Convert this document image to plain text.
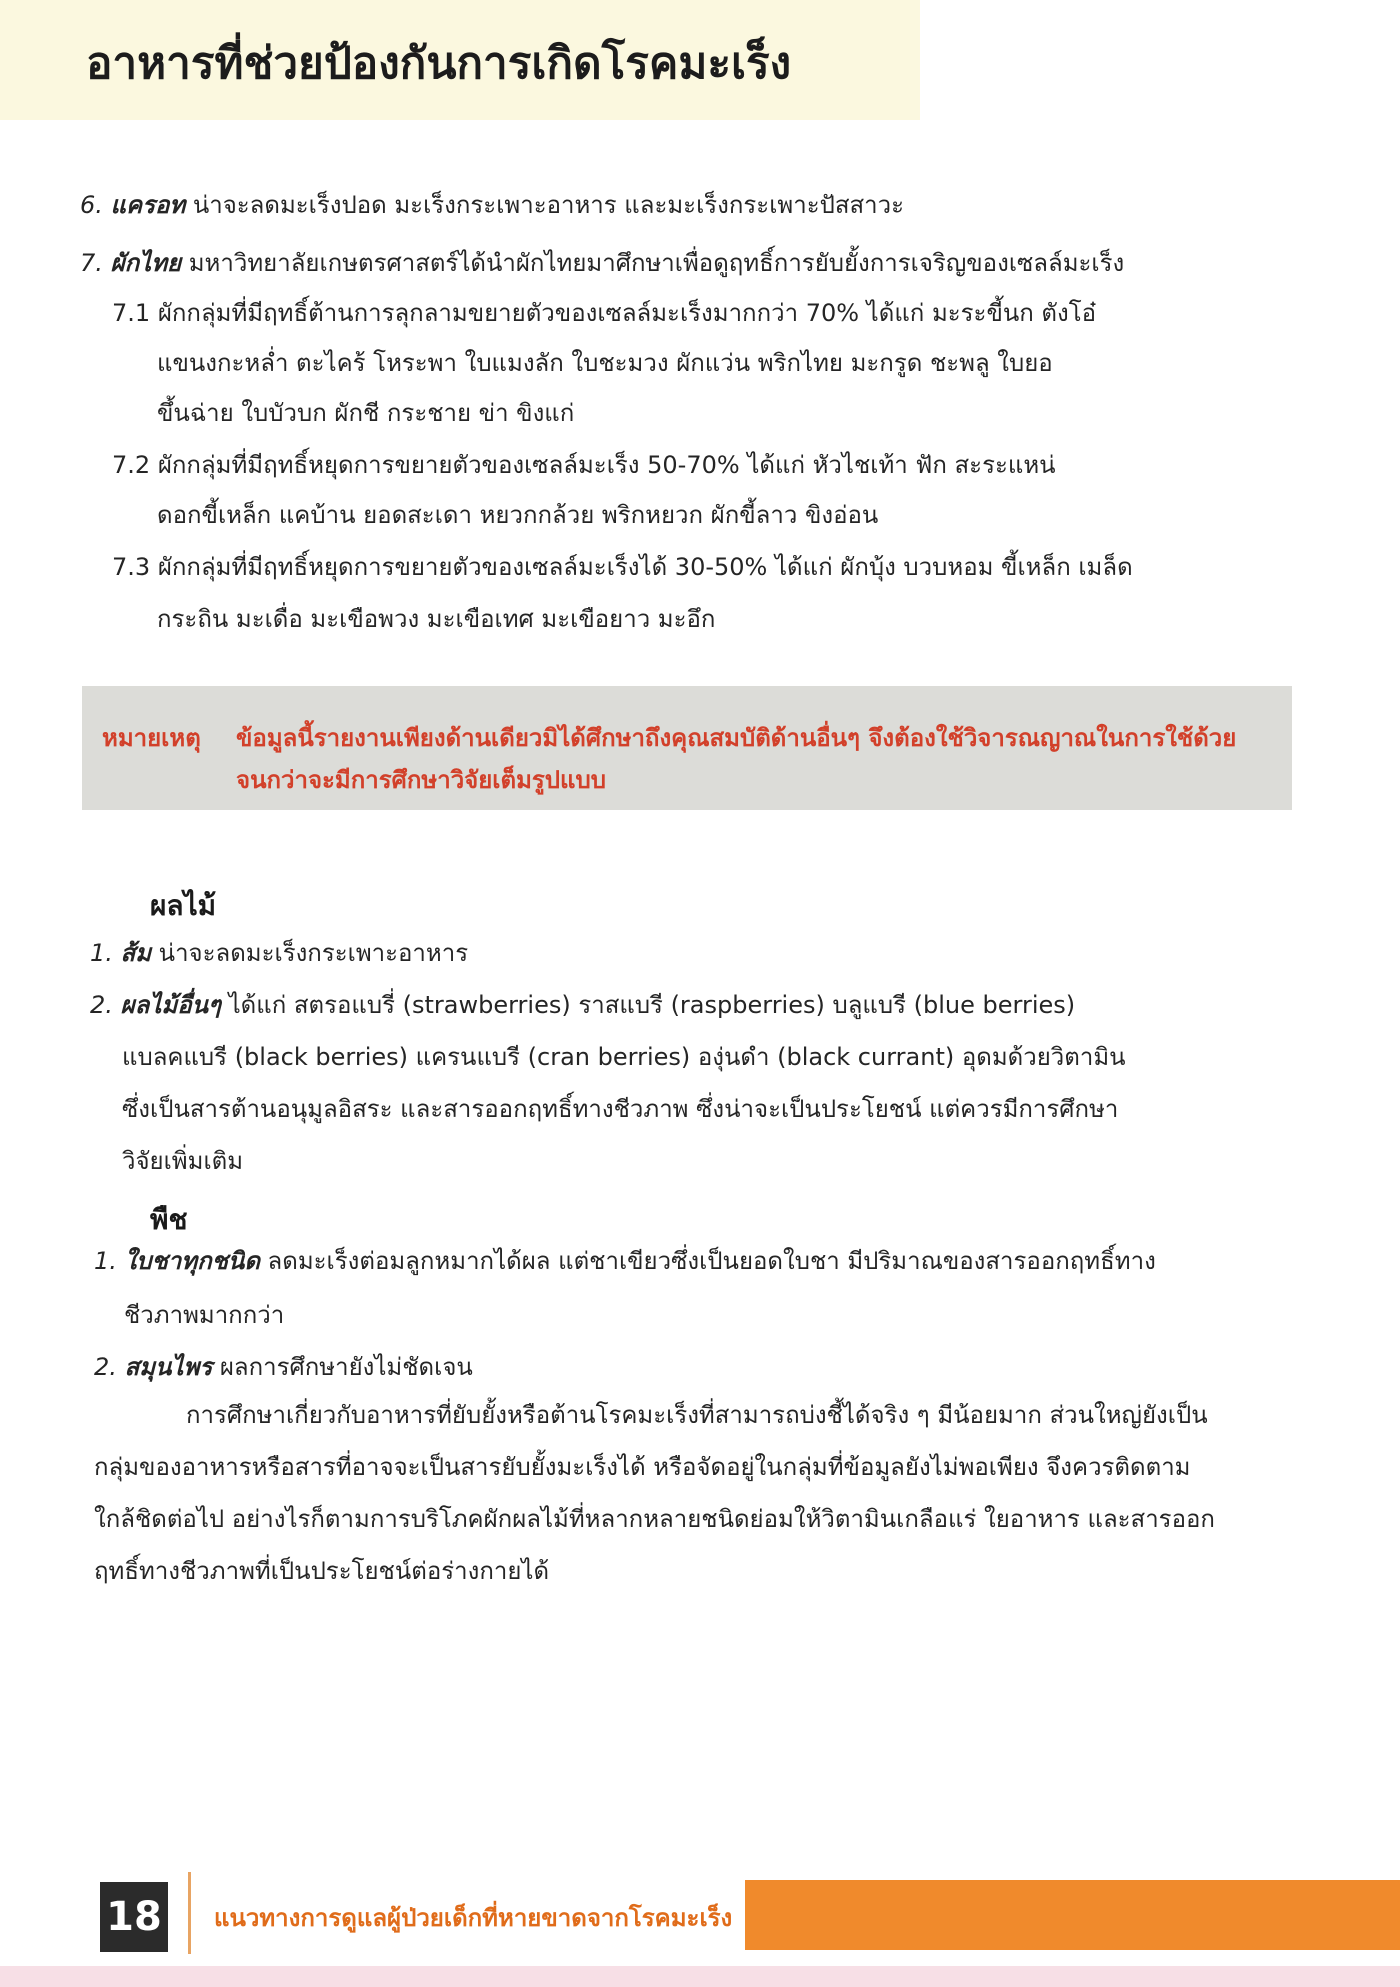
อาหารที่ช่วยป้องกันการเกิดโรคมะเร็ง
6. แครอท น่าจะลดมะเร็งปอด มะเร็งกระเพาะอาหาร และมะเร็งกระเพาะปัสสาวะ
7. ผักไทย มหาวิทยาลัยเกษตรศาสตร์ได้นำผักไทยมาศึกษาเพื่อดูฤทธิ์การยับยั้งการเจริญของเซลล์มะเร็ง
7.1 ผักกลุ่มที่มีฤทธิ์ต้านการลุกลามขยายตัวของเซลล์มะเร็งมากกว่า 70% ได้แก่ มะระขี้นก ตังโอ๋
แขนงกะหล่ำ ตะไคร้ โหระพา ใบแมงลัก ใบชะมวง ผักแว่น พริกไทย มะกรูด ชะพลู ใบยอ
ขึ้นฉ่าย ใบบัวบก ผักชี กระชาย ข่า ขิงแก่
7.2 ผักกลุ่มที่มีฤทธิ์หยุดการขยายตัวของเซลล์มะเร็ง 50-70% ได้แก่ หัวไชเท้า ฟัก สะระแหน่
ดอกขี้เหล็ก แคบ้าน ยอดสะเดา หยวกกล้วย พริกหยวก ผักขี้ลาว ขิงอ่อน
7.3 ผักกลุ่มที่มีฤทธิ์หยุดการขยายตัวของเซลล์มะเร็งได้ 30-50% ได้แก่ ผักบุ้ง บวบหอม ขี้เหล็ก เมล็ด
กระถิน มะเดื่อ มะเขือพวง มะเขือเทศ มะเขือยาว มะอึก
หมายเหตุ ข้อมูลนี้รายงานเพียงด้านเดียวมิได้ศึกษาถึงคุณสมบัติด้านอื่นๆ จึงต้องใช้วิจารณญาณในการใช้ด้วย
จนกว่าจะมีการศึกษาวิจัยเต็มรูปแบบ
ผลไม้
1. ส้ม น่าจะลดมะเร็งกระเพาะอาหาร
2. ผลไม้อื่นๆ ได้แก่ สตรอแบรี่ (strawberries) ราสแบรี (raspberries) บลูแบรี (blue berries)
แบลคแบรี (black berries) แครนแบรี (cran berries) องุ่นดำ (black currant) อุดมด้วยวิตามิน
ซึ่งเป็นสารต้านอนุมูลอิสระ และสารออกฤทธิ์ทางชีวภาพ ซึ่งน่าจะเป็นประโยชน์ แต่ควรมีการศึกษา
วิจัยเพิ่มเติม
พืช
1. ใบชาทุกชนิด ลดมะเร็งต่อมลูกหมากได้ผล แต่ชาเขียวซึ่งเป็นยอดใบชา มีปริมาณของสารออกฤทธิ์ทาง
ชีวภาพมากกว่า
2. สมุนไพร ผลการศึกษายังไม่ชัดเจน
การศึกษาเกี่ยวกับอาหารที่ยับยั้งหรือต้านโรคมะเร็งที่สามารถบ่งชี้ได้จริง ๆ มีน้อยมาก ส่วนใหญ่ยังเป็น
กลุ่มของอาหารหรือสารที่อาจจะเป็นสารยับยั้งมะเร็งได้ หรือจัดอยู่ในกลุ่มที่ข้อมูลยังไม่พอเพียง จึงควรติดตาม
ใกล้ชิดต่อไป อย่างไรก็ตามการบริโภคผักผลไม้ที่หลากหลายชนิดย่อมให้วิตามินเกลือแร่ ใยอาหาร และสารออก
ฤทธิ์ทางชีวภาพที่เป็นประโยชน์ต่อร่างกายได้
18 แนวทางการดูแลผู้ป่วยเด็กที่หายขาดจากโรคมะเร็ง
